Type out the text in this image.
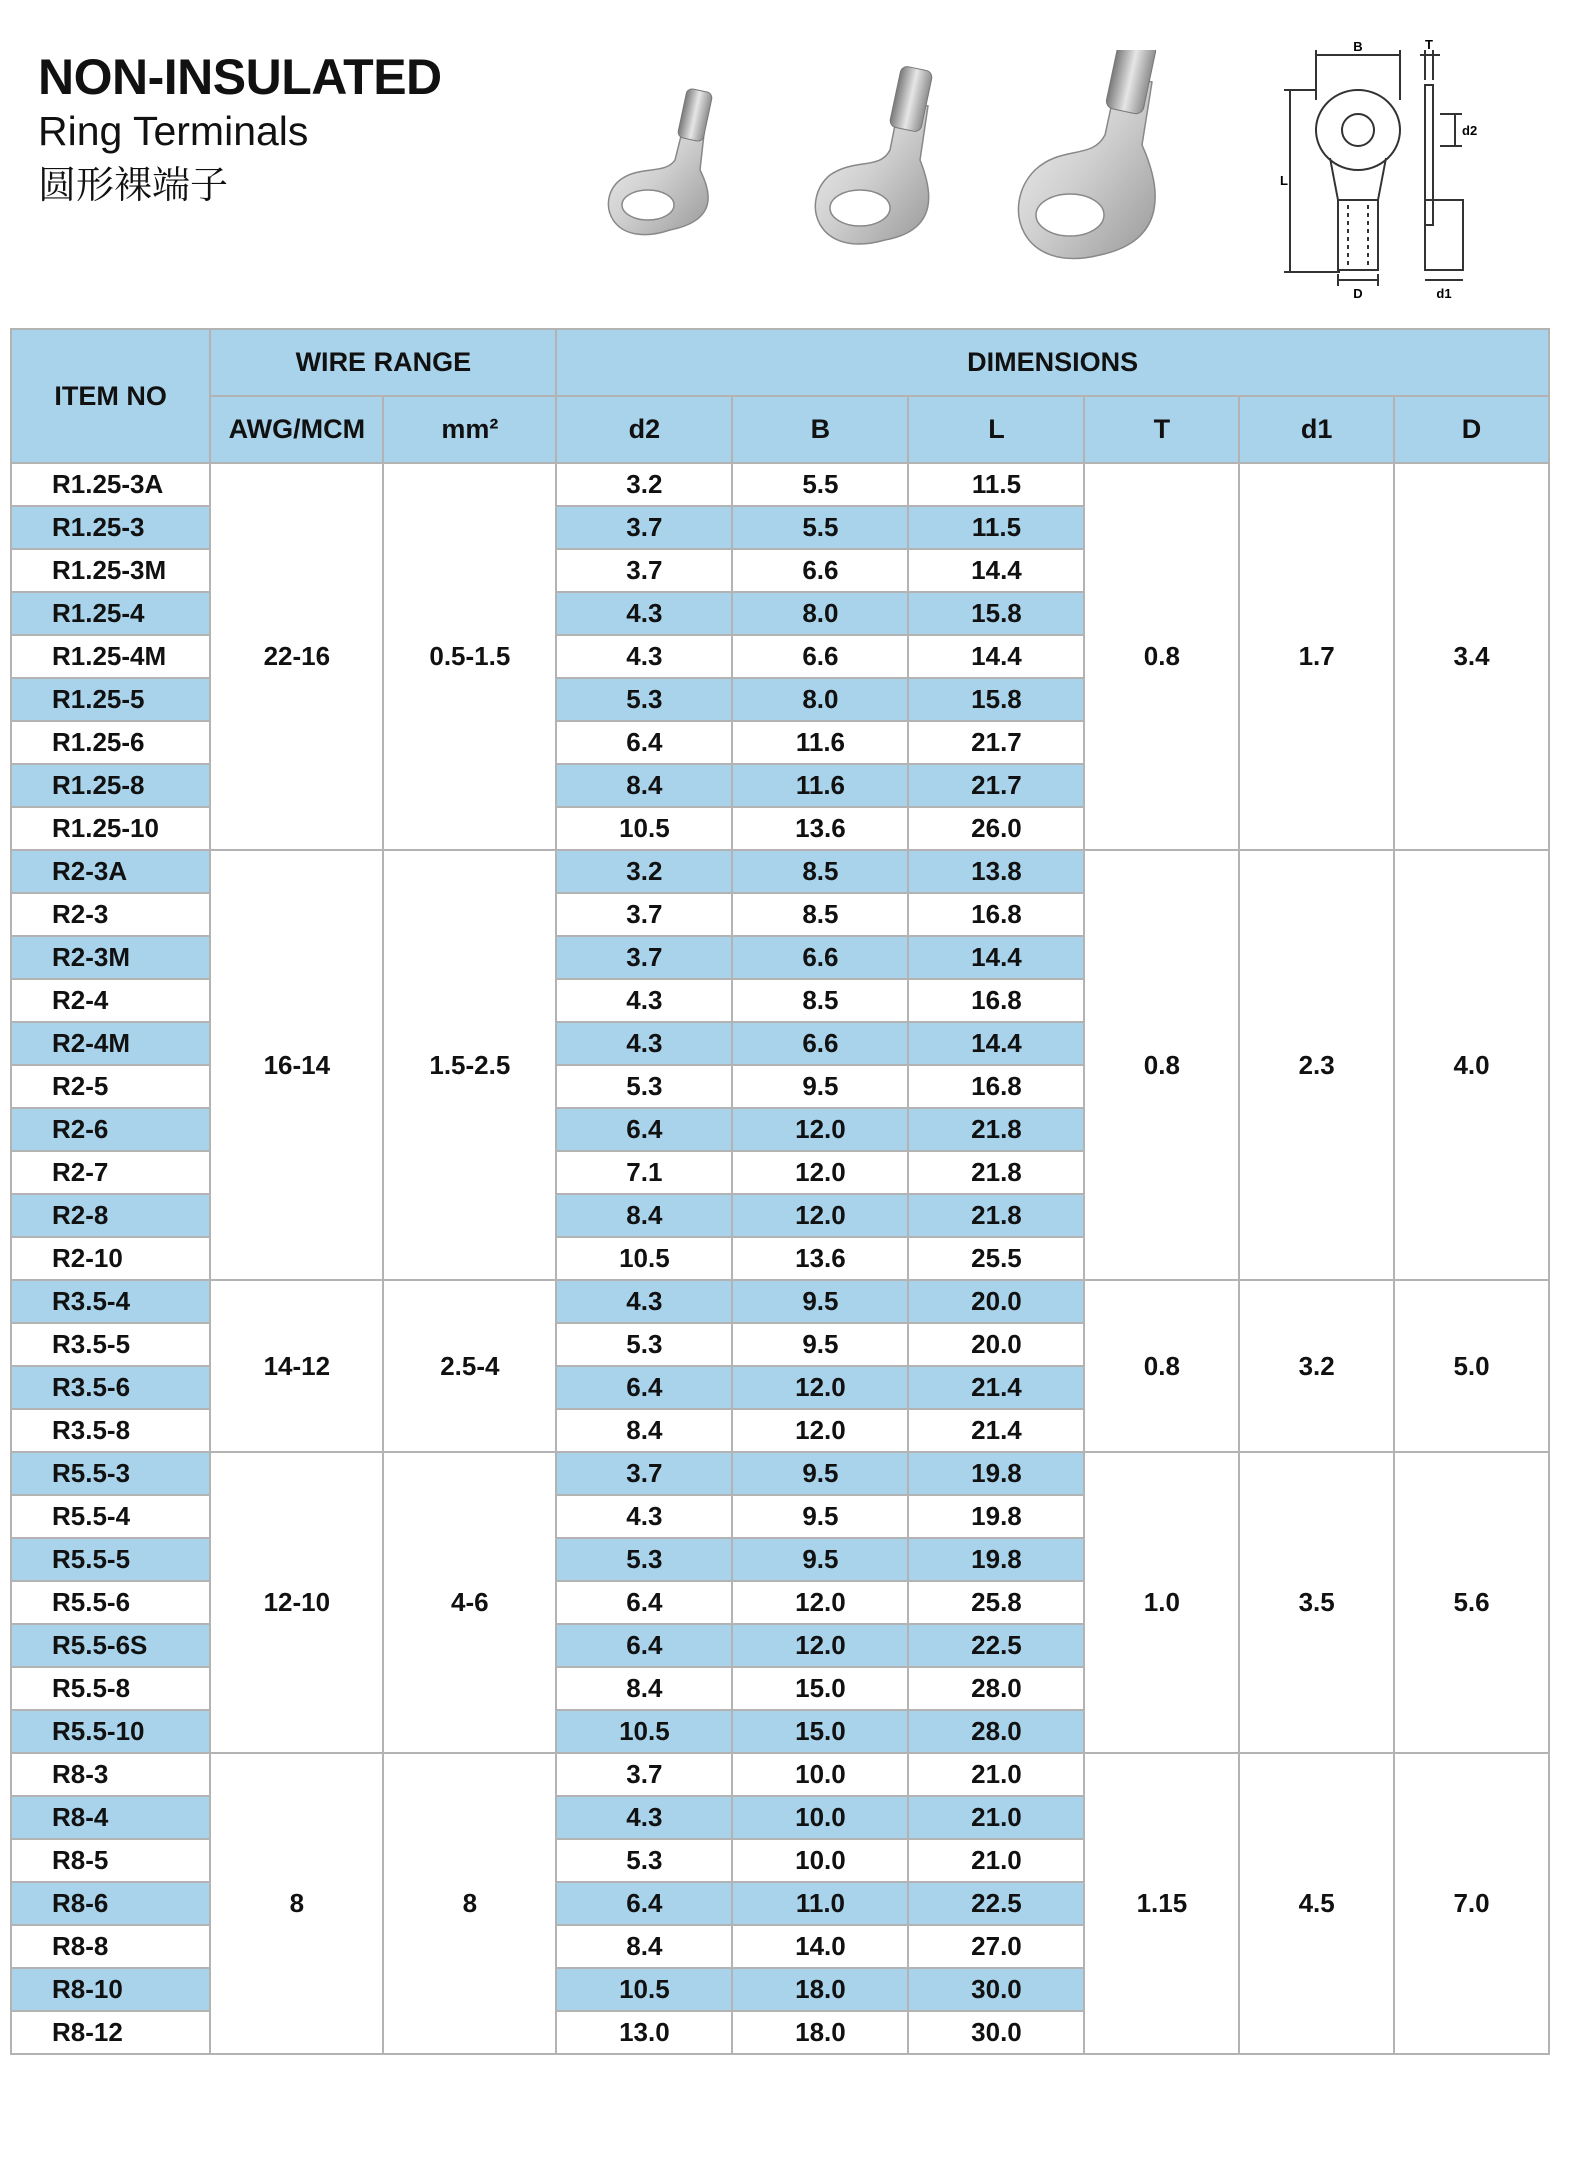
NON-INSULATED
Ring Terminals
圆形裸端子
B	T
d2
L
D	d1
ITEM NO	WIRE RANGE		DIMENSIONS					
	AWG/MCM	mm²	d2	B	L	T	d1	D
R1.25-3A	22-16	0.5-1.5	3.2	5.5	11.5	0.8	1.7	3.4
R1.25-3			3.7	5.5	11.5			
R1.25-3M			3.7	6.6	14.4			
R1.25-4			4.3	8.0	15.8			
R1.25-4M			4.3	6.6	14.4			
R1.25-5			5.3	8.0	15.8			
R1.25-6			6.4	11.6	21.7			
R1.25-8			8.4	11.6	21.7			
R1.25-10			10.5	13.6	26.0			
R2-3A	16-14	1.5-2.5	3.2	8.5	13.8	0.8	2.3	4.0
R2-3			3.7	8.5	16.8			
R2-3M			3.7	6.6	14.4			
R2-4			4.3	8.5	16.8			
R2-4M			4.3	6.6	14.4			
R2-5			5.3	9.5	16.8			
R2-6			6.4	12.0	21.8			
R2-7			7.1	12.0	21.8			
R2-8			8.4	12.0	21.8			
R2-10			10.5	13.6	25.5			
R3.5-4	14-12	2.5-4	4.3	9.5	20.0	0.8	3.2	5.0
R3.5-5			5.3	9.5	20.0			
R3.5-6			6.4	12.0	21.4			
R3.5-8			8.4	12.0	21.4			
R5.5-3	12-10	4-6	3.7	9.5	19.8	1.0	3.5	5.6
R5.5-4			4.3	9.5	19.8			
R5.5-5			5.3	9.5	19.8			
R5.5-6			6.4	12.0	25.8			
R5.5-6S			6.4	12.0	22.5			
R5.5-8			8.4	15.0	28.0			
R5.5-10			10.5	15.0	28.0			
R8-3	8	8	3.7	10.0	21.0	1.15	4.5	7.0
R8-4			4.3	10.0	21.0			
R8-5			5.3	10.0	21.0			
R8-6			6.4	11.0	22.5			
R8-8			8.4	14.0	27.0			
R8-10			10.5	18.0	30.0			
R8-12			13.0	18.0	30.0			
